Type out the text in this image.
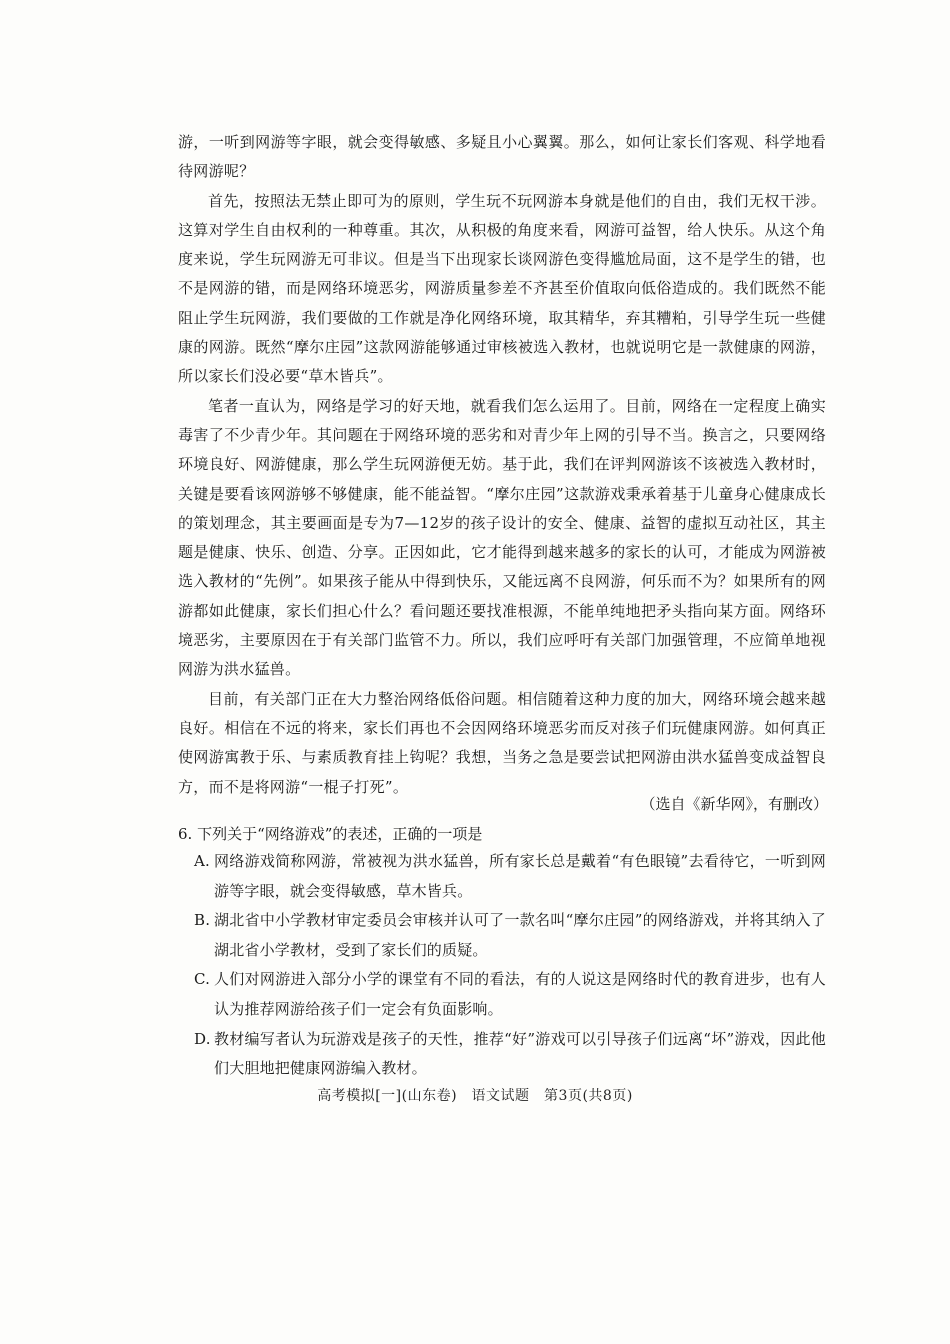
游，一听到网游等字眼，就会变得敏感、多疑且小心翼翼。那么，如何让家长们客观、科学地看待网游呢？

首先，按照法无禁止即可为的原则，学生玩不玩网游本身就是他们的自由，我们无权干涉。这算对学生自由权利的一种尊重。其次，从积极的角度来看，网游可益智，给人快乐。从这个角度来说，学生玩网游无可非议。但是当下出现家长谈网游色变得尴尬局面，这不是学生的错，也不是网游的错，而是网络环境恶劣，网游质量参差不齐甚至价值取向低俗造成的。我们既然不能阻止学生玩网游，我们要做的工作就是净化网络环境，取其精华，弃其糟粕，引导学生玩一些健康的网游。既然“摩尔庄园”这款网游能够通过审核被选入教材，也就说明它是一款健康的网游，所以家长们没必要“草木皆兵”。

笔者一直认为，网络是学习的好天地，就看我们怎么运用了。目前，网络在一定程度上确实毒害了不少青少年。其问题在于网络环境的恶劣和对青少年上网的引导不当。换言之，只要网络环境良好、网游健康，那么学生玩网游便无妨。基于此，我们在评判网游该不该被选入教材时，关键是要看该网游够不够健康，能不能益智。“摩尔庄园”这款游戏秉承着基于儿童身心健康成长的策划理念，其主要画面是专为7—12岁的孩子设计的安全、健康、益智的虚拟互动社区，其主题是健康、快乐、创造、分享。正因如此，它才能得到越来越多的家长的认可，才能成为网游被选入教材的“先例”。如果孩子能从中得到快乐，又能远离不良网游，何乐而不为？如果所有的网游都如此健康，家长们担心什么？看问题还要找准根源，不能单纯地把矛头指向某方面。网络环境恶劣，主要原因在于有关部门监管不力。所以，我们应呼吁有关部门加强管理，不应简单地视网游为洪水猛兽。

目前，有关部门正在大力整治网络低俗问题。相信随着这种力度的加大，网络环境会越来越良好。相信在不远的将来，家长们再也不会因网络环境恶劣而反对孩子们玩健康网游。如何真正使网游寓教于乐、与素质教育挂上钩呢？我想，当务之急是要尝试把网游由洪水猛兽变成益智良方，而不是将网游“一棍子打死”。

（选自《新华网》，有删改）
6. 下列关于“网络游戏”的表述，正确的一项是
A. 网络游戏简称网游，常被视为洪水猛兽，所有家长总是戴着“有色眼镜”去看待它，一听到网游等字眼，就会变得敏感，草木皆兵。
B. 湖北省中小学教材审定委员会审核并认可了一款名叫“摩尔庄园”的网络游戏，并将其纳入了湖北省小学教材，受到了家长们的质疑。
C. 人们对网游进入部分小学的课堂有不同的看法，有的人说这是网络时代的教育进步，也有人认为推荐网游给孩子们一定会有负面影响。
D. 教材编写者认为玩游戏是孩子的天性，推荐“好”游戏可以引导孩子们远离“坏”游戏，因此他们大胆地把健康网游编入教材。
高考模拟[一](山东卷)　语文试题　第3页(共8页)
